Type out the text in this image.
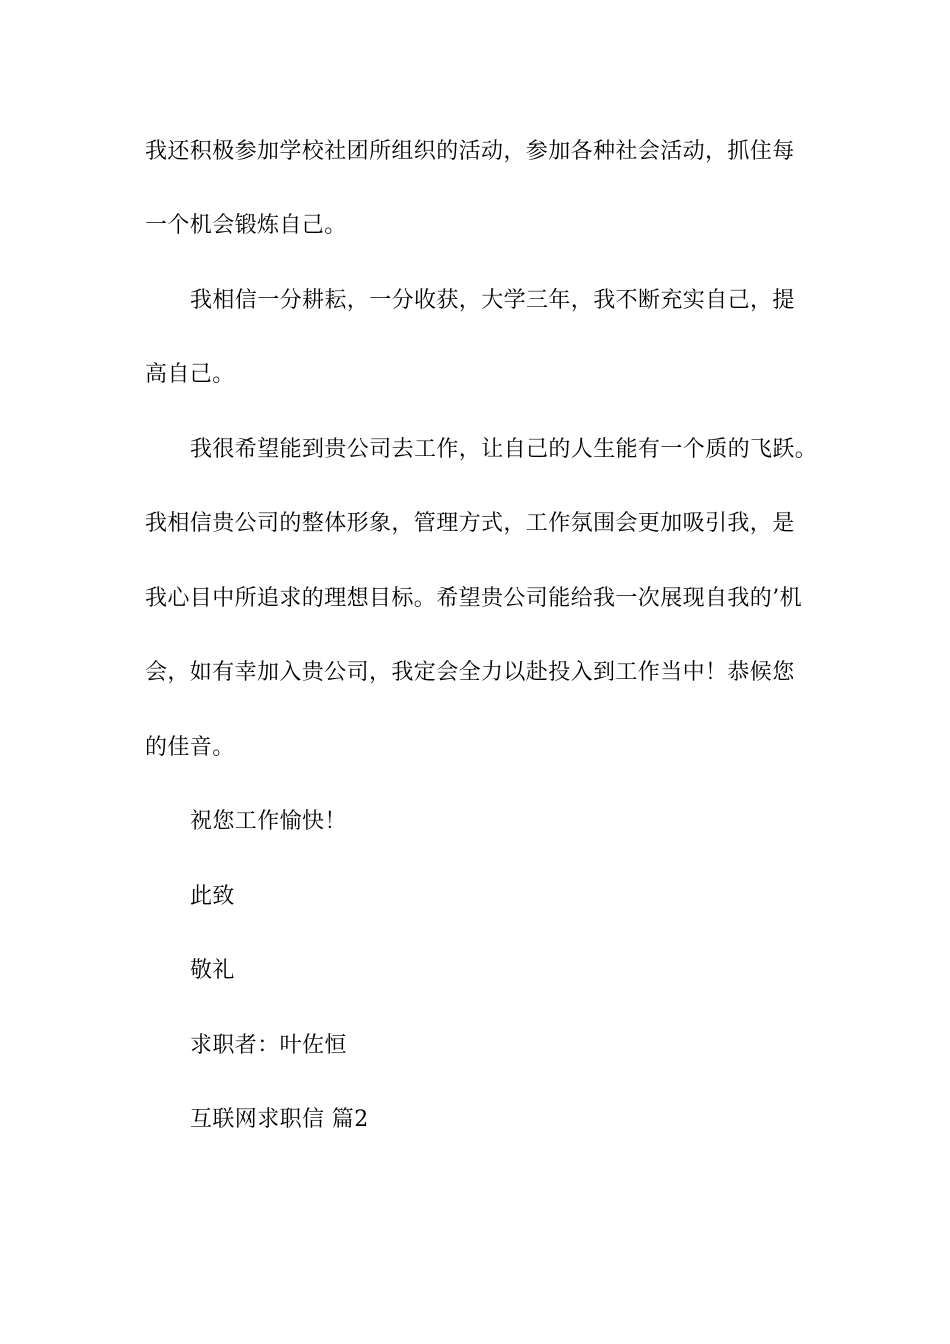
我还积极参加学校社团所组织的活动，参加各种社会活动，抓住每

一个机会锻炼自己。

我相信一分耕耘，一分收获，大学三年，我不断充实自己，提

高自己。

我很希望能到贵公司去工作，让自己的人生能有一个质的飞跃。

我相信贵公司的整体形象，管理方式，工作氛围会更加吸引我，是

我心目中所追求的理想目标。希望贵公司能给我一次展现自我的’机

会，如有幸加入贵公司，我定会全力以赴投入到工作当中！恭候您

的佳音。

祝您工作愉快！

此致

敬礼

求职者：叶佐恒

互联网求职信 篇2
